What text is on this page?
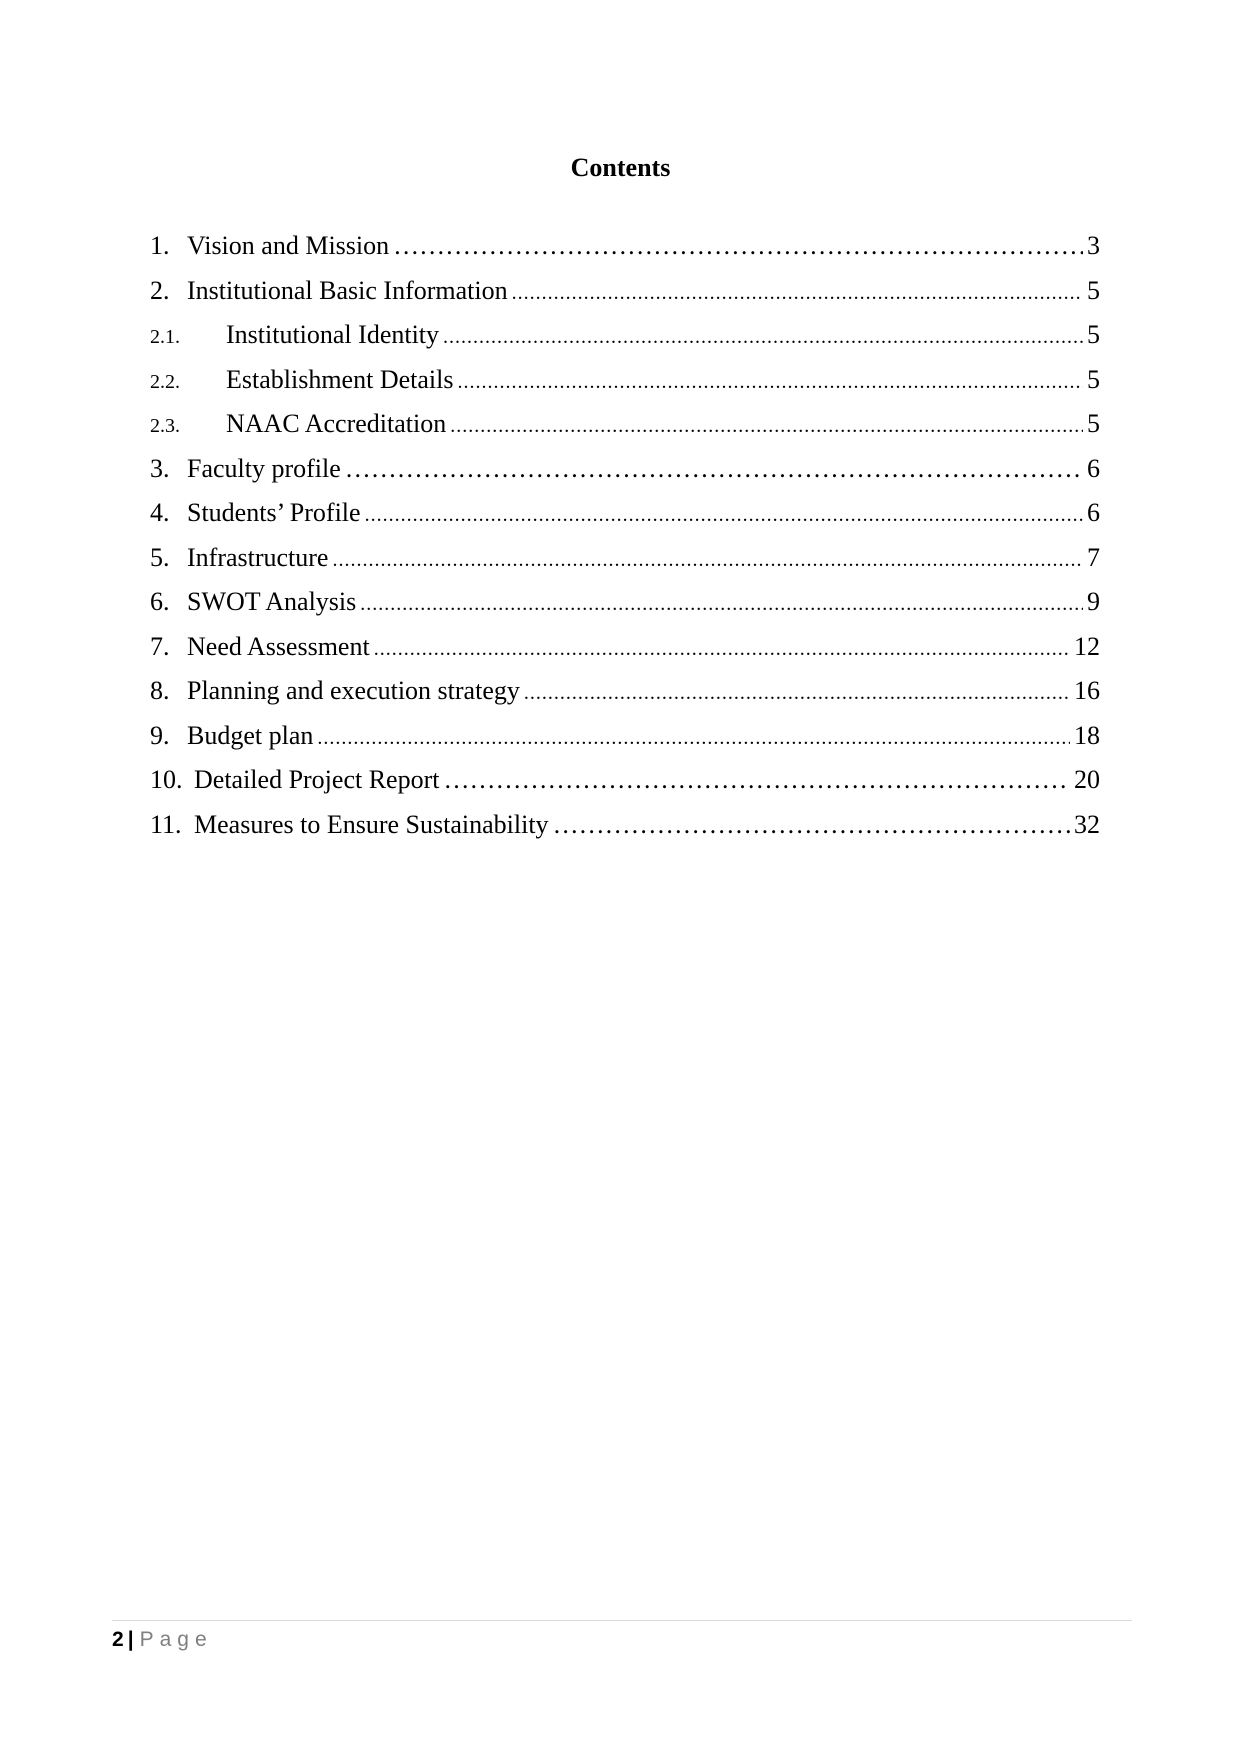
Contents
1. Vision and Mission ……………………………………………………………………………………………………………………………………………………	3
2. Institutional Basic Information .....	5
2.1.	Institutional Identity .....	5
2.2.	Establishment Details .....	5
2.3.	NAAC Accreditation .....	5
3. Faculty profile ……………………………………………………………………………………………………………………………………………………	6
4. Students’ Profile .....	6
5. Infrastructure .....	7
6. SWOT Analysis .....	9
7. Need Assessment .....	12
8. Planning and execution strategy .....	16
9. Budget plan .....	18
10. Detailed Project Report ……………………………………………………………………………………………………………………………………………………	20
11. Measures to Ensure Sustainability ……………………………………………………………………………………………………………………………………………………	32
2 | Page
